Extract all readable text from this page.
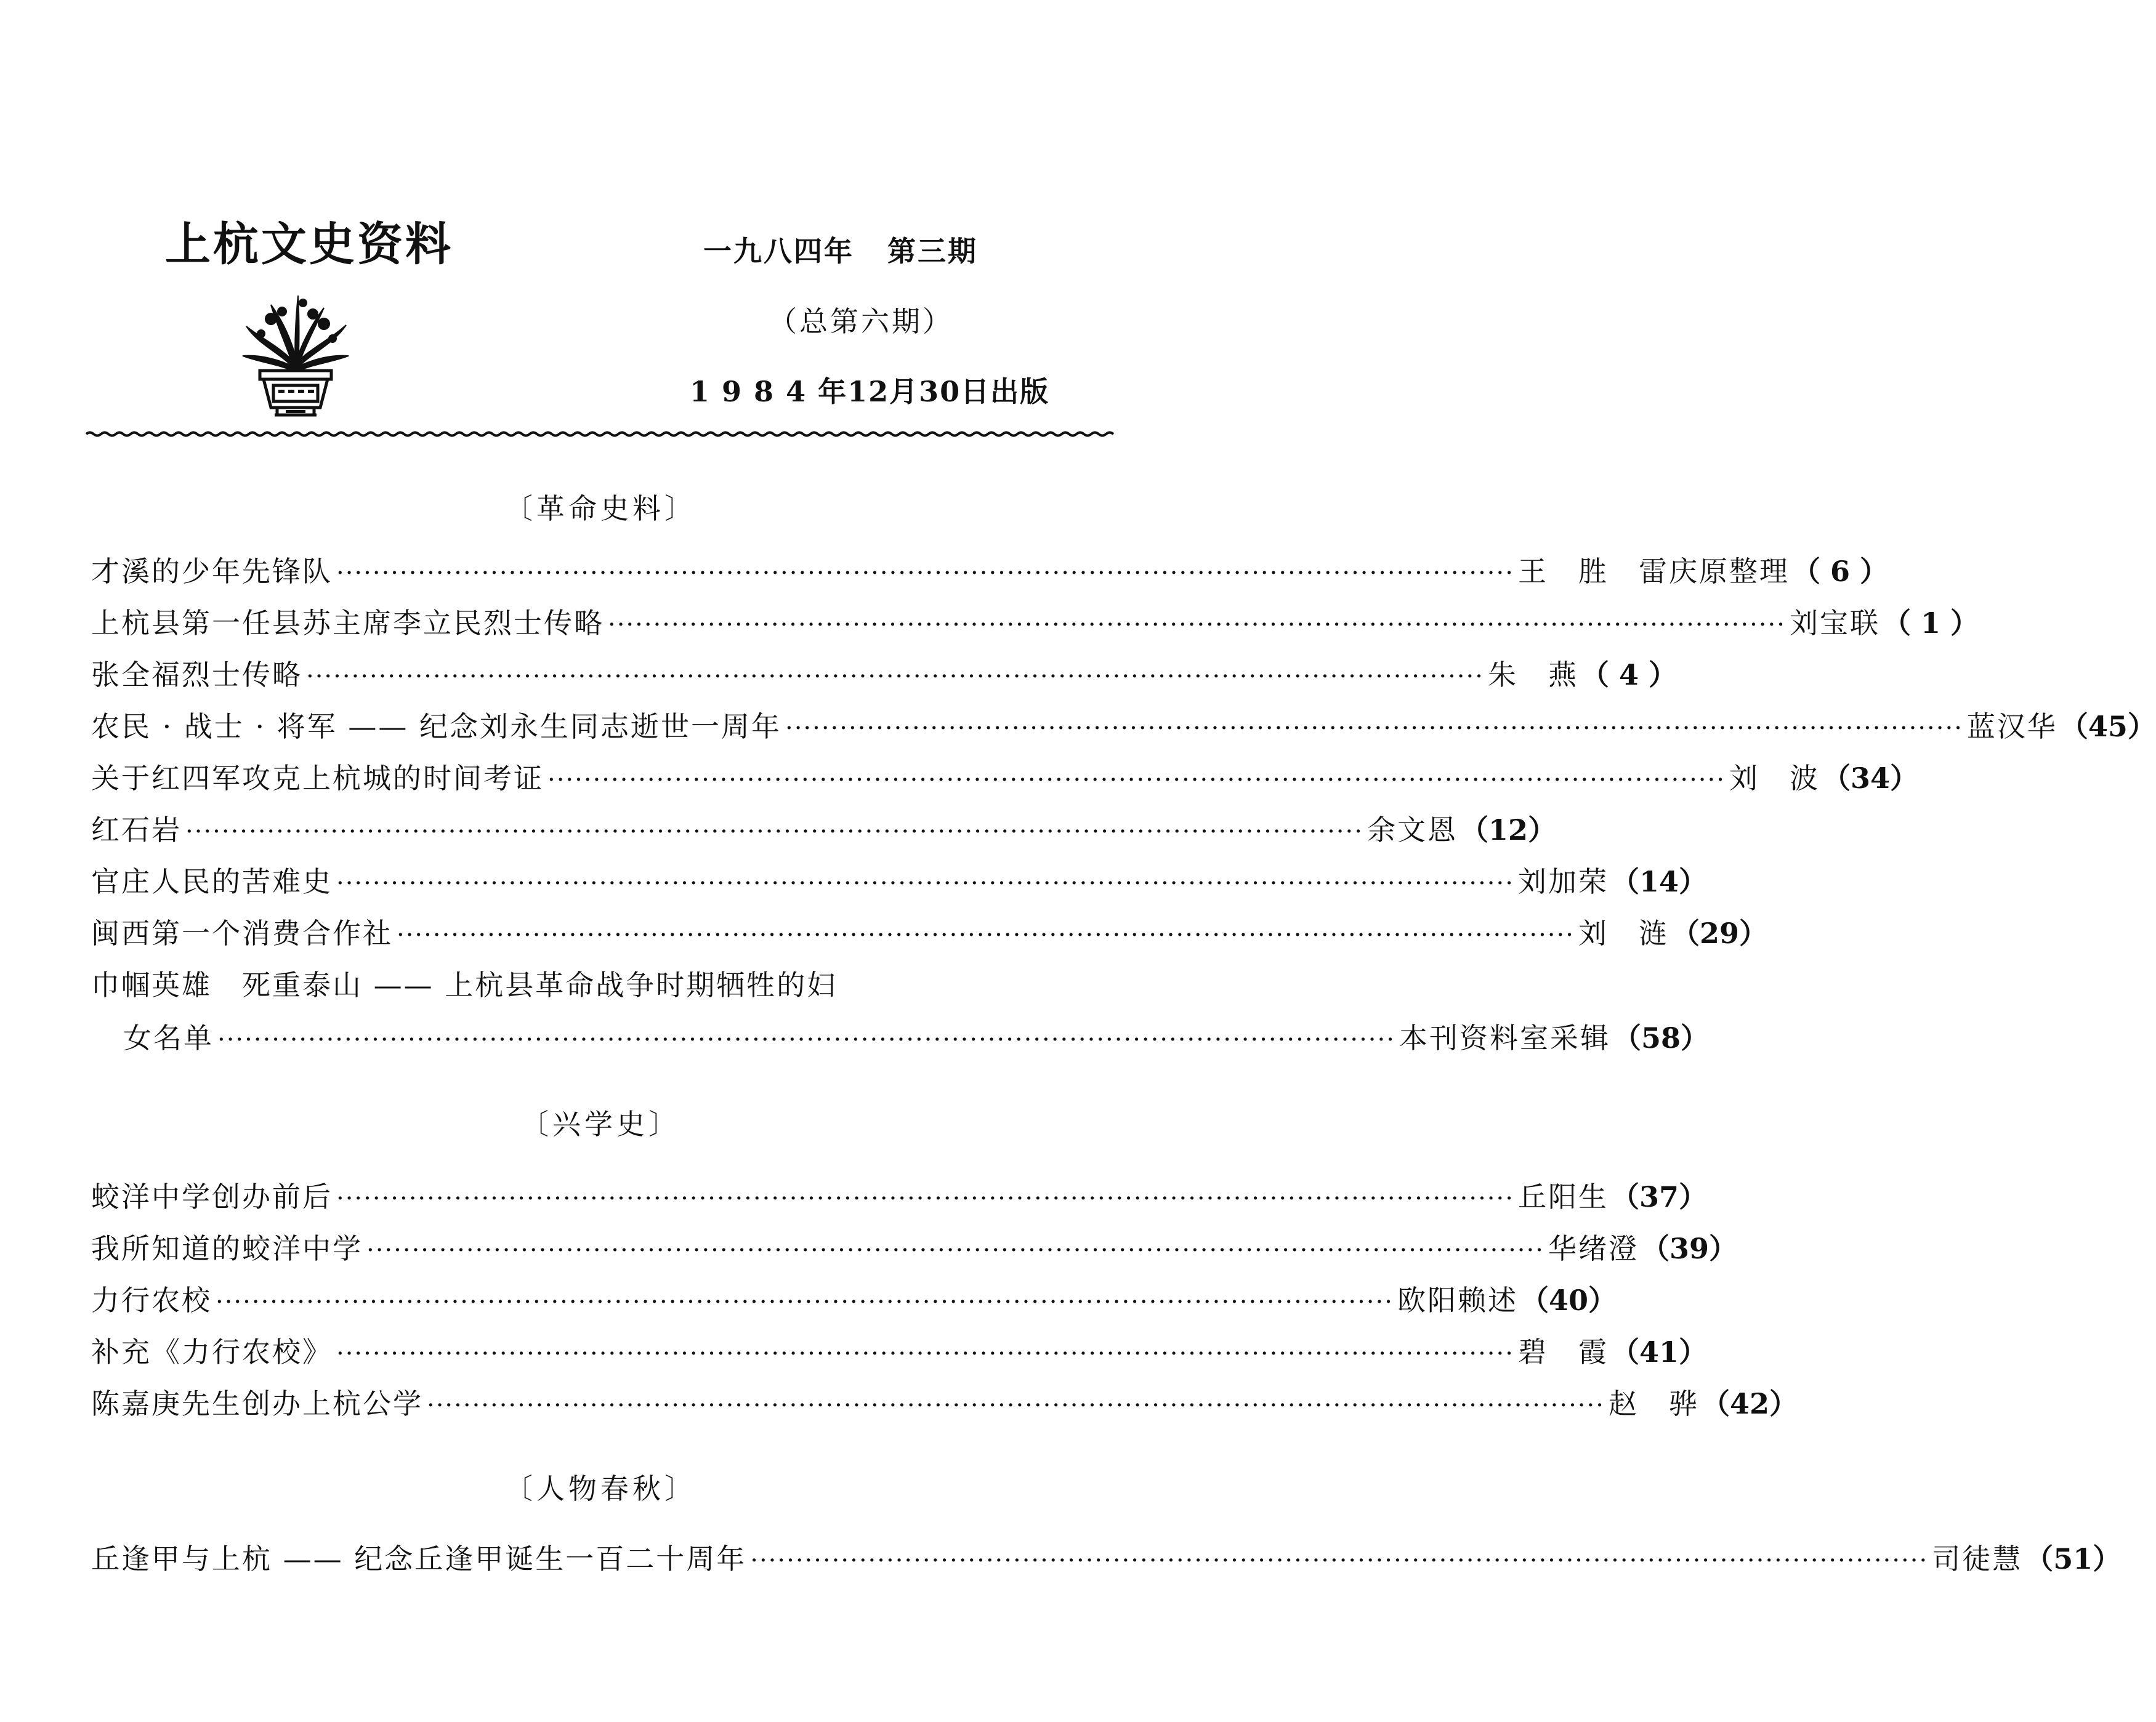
上杭文史资料	一九八四年 第三期
（总第六期）
1 9 8 4 年12月30日出版
〔革命史料〕
才溪的少年先锋队 ·································································································································· 王　胜　雷庆原整理 （ 6 ）
上杭县第一任县苏主席李立民烈士传略 ·································································································································· 刘宝联 （ 1 ）
张全福烈士传略 ·································································································································· 朱　燕 （ 4 ）
农民 · 战士 · 将军 —— 纪念刘永生同志逝世一周年 ·································································································································· 蓝汉华 （45）
关于红四军攻克上杭城的时间考证 ·································································································································· 刘　波 （34）
红石岩 ·································································································································· 余文恩 （12）
官庄人民的苦难史 ·································································································································· 刘加荣 （14）
闽西第一个消费合作社 ·································································································································· 刘　涟 （29）
巾帼英雄　死重泰山 —— 上杭县革命战争时期牺牲的妇
女名单 ·································································································································· 本刊资料室采辑 （58）
〔兴学史〕
蛟洋中学创办前后 ·································································································································· 丘阳生 （37）
我所知道的蛟洋中学 ·································································································································· 华绪澄 （39）
力行农校 ·································································································································· 欧阳赖述 （40）
补充《力行农校》 ·································································································································· 碧　霞 （41）
陈嘉庚先生创办上杭公学 ·································································································································· 赵　骅 （42）
〔人物春秋〕
丘逢甲与上杭 —— 纪念丘逢甲诞生一百二十周年 ·································································································································· 司徒慧 （51）
